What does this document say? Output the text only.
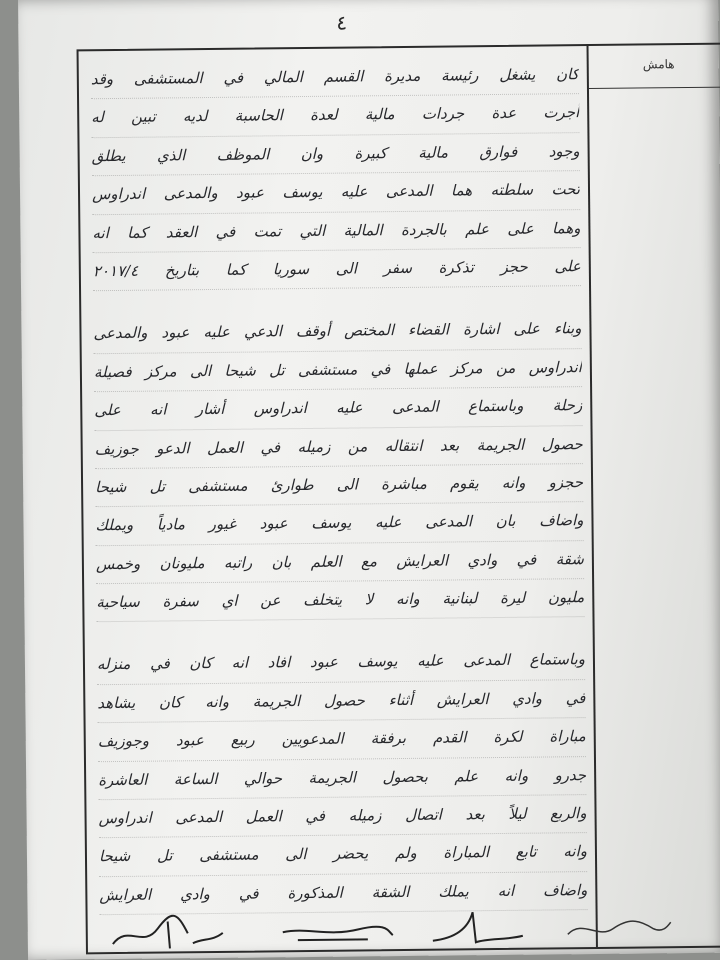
٤
هامش
كان يشغل رئيسة مديرة القسم المالي في المستشفى وقد
أجرت عدة جردات مالية لعدة الحاسبة لديه تبين له
وجود فوارق مالية كبيرة وان الموظف الذي يطلق
تحت سلطته هما المدعى عليه يوسف عبود والمدعى اندراوس
وهما على علم بالجردة المالية التي تمت في العقد كما انه
على حجز تذكرة سفر الى سوريا كما بتاريخ ٢٠١٧/٤
وبناء على اشارة القضاء المختص أوقف الدعي عليه عبود والمدعى
اندراوس من مركز عملها في مستشفى تل شيحا الى مركز فصيلة
زحلة وباستماع المدعى عليه اندراوس أشار انه على
حصول الجريمة بعد انتقاله من زميله في العمل الدعو جوزيف
حجزو وانه يقوم مباشرة الى طوارئ مستشفى تل شيحا
واضاف بان المدعى عليه يوسف عبود غيور مادياً ويملك
شقة في وادي العرايش مع العلم بان راتبه مليونان وخمس
مليون ليرة لبنانية وانه لا يتخلف عن اي سفرة سياحية
وباستماع المدعى عليه يوسف عبود افاد انه كان في منزله
في وادي العرايش أثناء حصول الجريمة وانه كان يشاهد
مباراة لكرة القدم برفقة المدعويين ربيع عبود وجوزيف
جدرو وانه علم بحصول الجريمة حوالي الساعة العاشرة
والربع ليلاً بعد اتصال زميله في العمل المدعى اندراوس
وانه تابع المباراة ولم يحضر الى مستشفى تل شيحا
واضاف انه يملك الشقة المذكورة في وادي العرايش
